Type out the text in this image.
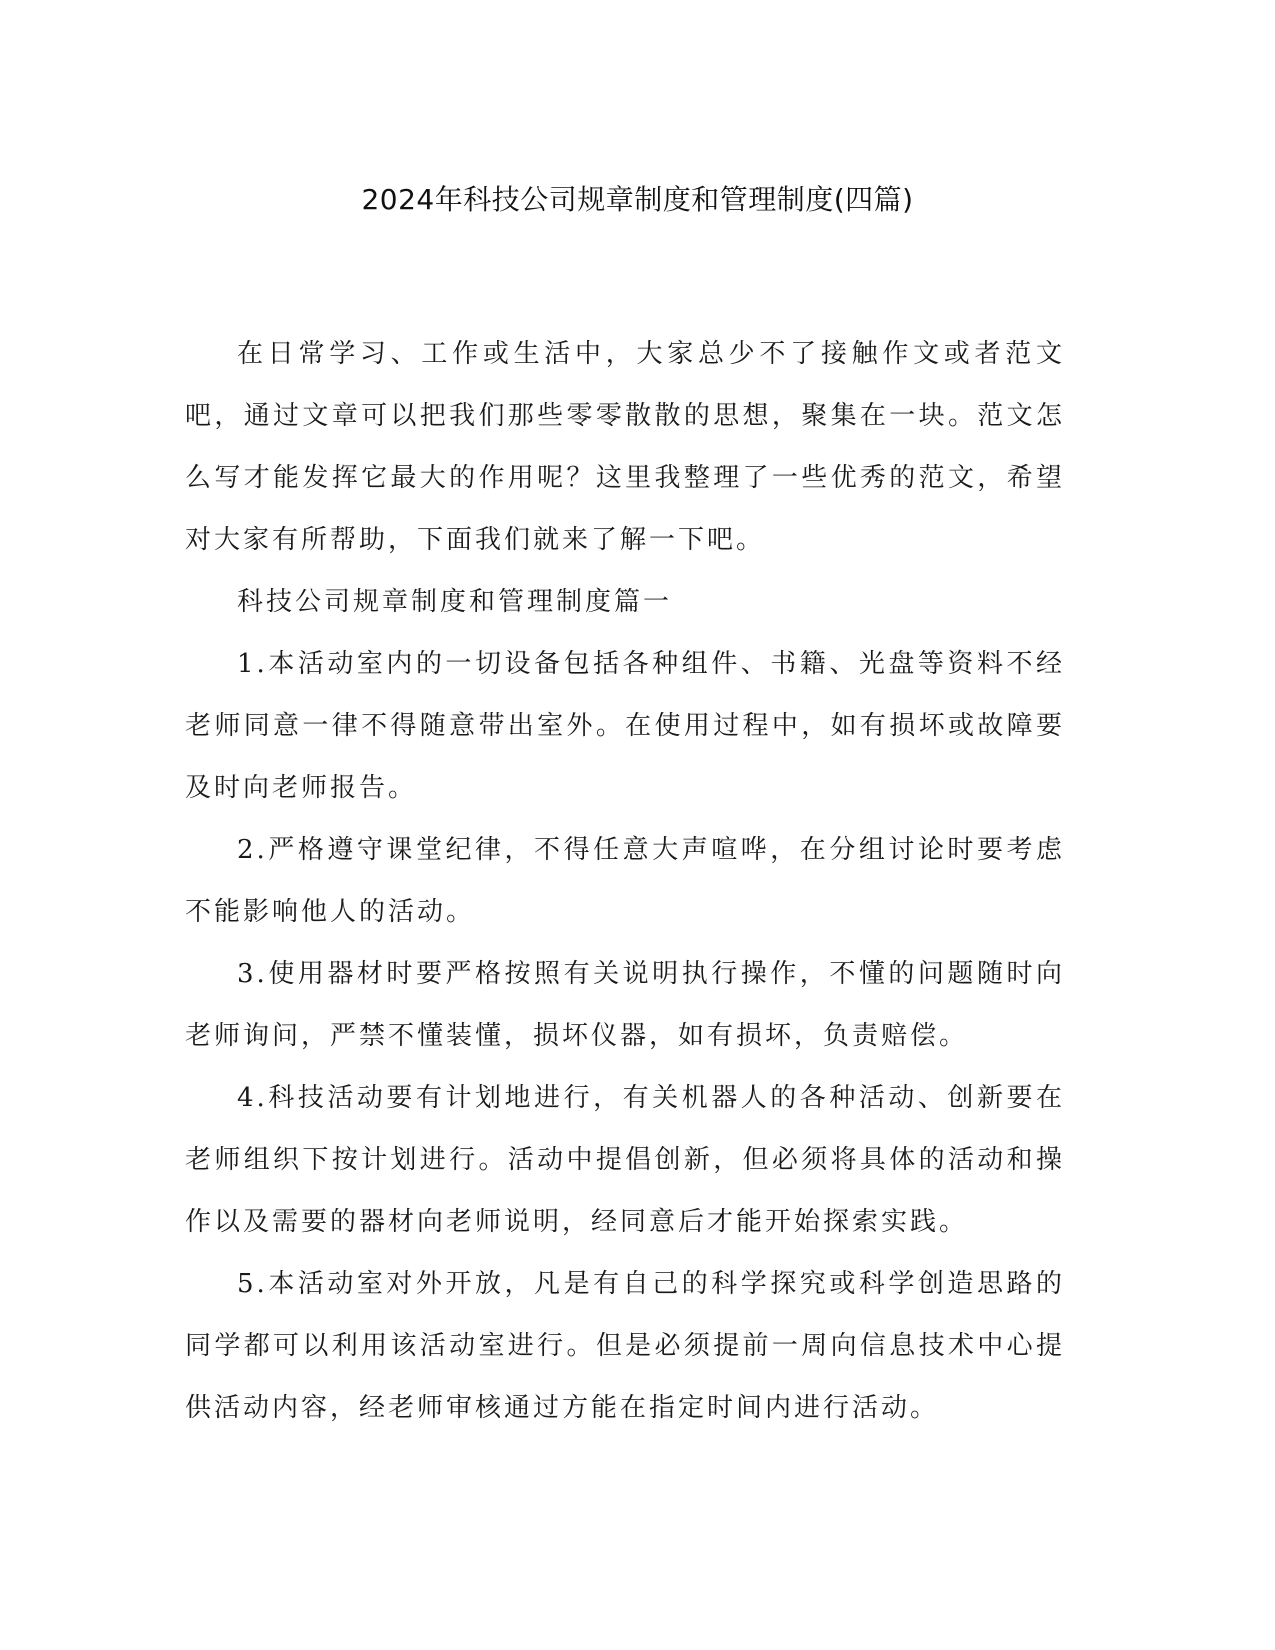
2024年科技公司规章制度和管理制度(四篇)

在日常学习、工作或生活中，大家总少不了接触作文或者范文吧，通过文章可以把我们那些零零散散的思想，聚集在一块。范文怎么写才能发挥它最大的作用呢？这里我整理了一些优秀的范文，希望对大家有所帮助，下面我们就来了解一下吧。

科技公司规章制度和管理制度篇一

1.本活动室内的一切设备包括各种组件、书籍、光盘等资料不经老师同意一律不得随意带出室外。在使用过程中，如有损坏或故障要及时向老师报告。

2.严格遵守课堂纪律，不得任意大声喧哗，在分组讨论时要考虑不能影响他人的活动。

3.使用器材时要严格按照有关说明执行操作，不懂的问题随时向老师询问，严禁不懂装懂，损坏仪器，如有损坏，负责赔偿。

4.科技活动要有计划地进行，有关机器人的各种活动、创新要在老师组织下按计划进行。活动中提倡创新，但必须将具体的活动和操作以及需要的器材向老师说明，经同意后才能开始探索实践。

5.本活动室对外开放，凡是有自己的科学探究或科学创造思路的同学都可以利用该活动室进行。但是必须提前一周向信息技术中心提供活动内容，经老师审核通过方能在指定时间内进行活动。
